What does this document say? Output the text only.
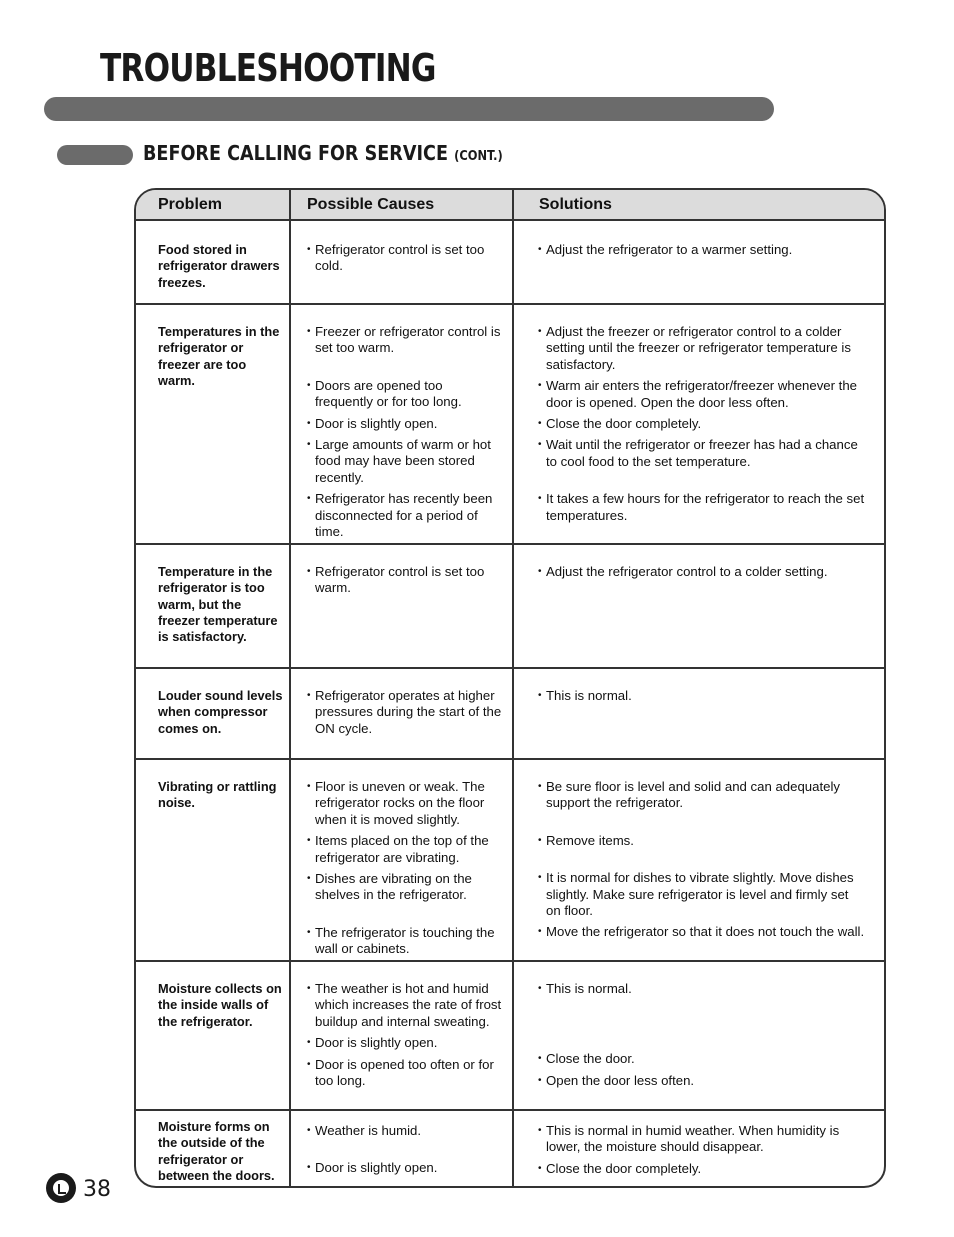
TROUBLESHOOTING
BEFORE CALLING FOR SERVICE (CONT.)
Problem	Possible Causes	Solutions
Food stored in refrigerator drawers freezes.
• Refrigerator control is set too cold.
• Adjust the refrigerator to a warmer setting.
Temperatures in the refrigerator or freezer are too warm.
• Freezer or refrigerator control is set too warm.
• Doors are opened too frequently or for too long.
• Door is slightly open.
• Large amounts of warm or hot food may have been stored recently.
• Refrigerator has recently been disconnected for a period of time.
• Adjust the freezer or refrigerator control to a colder setting until the freezer or refrigerator temperature is satisfactory.
• Warm air enters the refrigerator/freezer whenever the door is opened. Open the door less often.
• Close the door completely.
• Wait until the refrigerator or freezer has had a chance to cool food to the set temperature.
• It takes a few hours for the refrigerator to reach the set temperatures.
Temperature in the refrigerator is too warm, but the freezer temperature is satisfactory.
• Refrigerator control is set too warm.
• Adjust the refrigerator control to a colder setting.
Louder sound levels when compressor comes on.
• Refrigerator operates at higher pressures during the start of the ON cycle.
• This is normal.
Vibrating or rattling noise.
• Floor is uneven or weak. The refrigerator rocks on the floor when it is moved slightly.
• Items placed on the top of the refrigerator are vibrating.
• Dishes are vibrating on the shelves in the refrigerator.
• The refrigerator is touching the wall or cabinets.
• Be sure floor is level and solid and can adequately support the refrigerator.
• Remove items.
• It is normal for dishes to vibrate slightly. Move dishes slightly. Make sure refrigerator is level and firmly set on floor.
• Move the refrigerator so that it does not touch the wall.
Moisture collects on the inside walls of the refrigerator.
• The weather is hot and humid which increases the rate of frost buildup and internal sweating.
• Door is slightly open.
• Door is opened too often or for too long.
• This is normal.
• Close the door.
• Open the door less often.
Moisture forms on the outside of the refrigerator or between the doors.
• Weather is humid.
• Door is slightly open.
• This is normal in humid weather. When humidity is lower, the moisture should disappear.
• Close the door completely.
38
